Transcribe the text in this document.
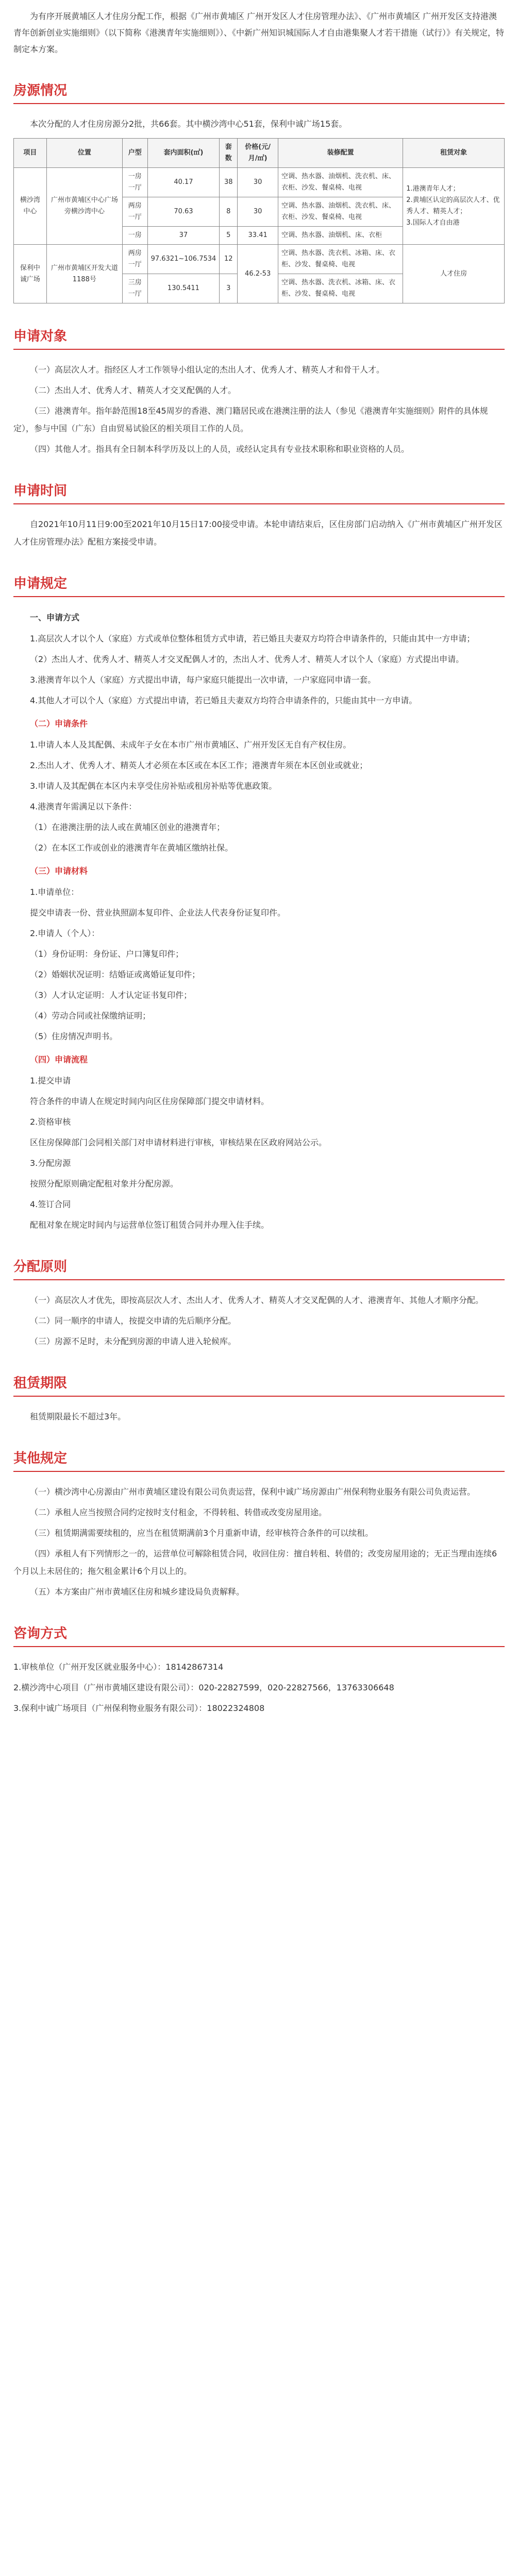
为有序开展黄埔区人才住房分配工作，根据《广州市黄埔区 广州开发区人才住房管理办法》、《广州市黄埔区 广州开发区支持港澳青年创新创业实施细则》（以下简称《港澳青年实施细则》）、《中新广州知识城国际人才自由港集聚人才若干措施（试行）》有关规定，特制定本方案。

房源情况

本次分配的人才住房房源分2批，共66套。其中横沙湾中心51套，保利中诚广场15套。

项目	位置	户型	套内面积(㎡)	套数	价格(元/月/㎡)	装修配置	租赁对象
横沙湾中心	广州市黄埔区中心广场旁横沙湾中心	一房一厅	40.17	38	30	空调、热水器、油烟机、洗衣机、床、衣柜、沙发、餐桌椅、电视	1.港澳青年人才；
2.黄埔区认定的高层次人才、优秀人才、精英人才；
3.国际人才自由港
		两房一厅	70.63	8	30	空调、热水器、油烟机、洗衣机、床、衣柜、沙发、餐桌椅、电视	
		一房	37	5	33.41	空调、热水器、油烟机、床、衣柜	
保利中诚广场	广州市黄埔区开发大道1188号	两房一厅	97.6321~106.7534	12	46.2-53	空调、热水器、洗衣机、冰箱、床、衣柜、沙发、餐桌椅、电视	人才住房
		三房一厅	130.5411	3		空调、热水器、洗衣机、冰箱、床、衣柜、沙发、餐桌椅、电视	
申请对象

（一）高层次人才。指经区人才工作领导小组认定的杰出人才、优秀人才、精英人才和骨干人才。

（二）杰出人才、优秀人才、精英人才交叉配偶的人才。

（三）港澳青年。指年龄范围18至45周岁的香港、澳门籍居民或在港澳注册的法人（参见《港澳青年实施细则》附件的具体规定），参与中国（广东）自由贸易试验区的相关项目工作的人员。

（四）其他人才。指具有全日制本科学历及以上的人员，或经认定具有专业技术职称和职业资格的人员。

申请时间

自2021年10月11日9:00至2021年10月15日17:00接受申请。本轮申请结束后，区住房部门启动纳入《广州市黄埔区广州开发区人才住房管理办法》配租方案接受申请。

申请规定

一、申请方式

1.高层次人才以个人（家庭）方式或单位整体租赁方式申请，若已婚且夫妻双方均符合申请条件的，只能由其中一方申请；

（2）杰出人才、优秀人才、精英人才交叉配偶人才的，杰出人才、优秀人才、精英人才以个人（家庭）方式提出申请。

3.港澳青年以个人（家庭）方式提出申请，每户家庭只能提出一次申请，一户家庭同申请一套。

4.其他人才可以个人（家庭）方式提出申请，若已婚且夫妻双方均符合申请条件的，只能由其中一方申请。

（二）申请条件

1.申请人本人及其配偶、未成年子女在本市广州市黄埔区、广州开发区无自有产权住房。

2.杰出人才、优秀人才、精英人才必须在本区或在本区工作；港澳青年须在本区创业或就业；

3.申请人及其配偶在本区内未享受住房补贴或租房补贴等优惠政策。

4.港澳青年需满足以下条件：

（1）在港澳注册的法人或在黄埔区创业的港澳青年；

（2）在本区工作或创业的港澳青年在黄埔区缴纳社保。

（三）申请材料

1.申请单位：

提交申请表一份、营业执照副本复印件、企业法人代表身份证复印件。

2.申请人（个人）：

（1）身份证明：身份证、户口簿复印件；

（2）婚姻状况证明：结婚证或离婚证复印件；

（3）人才认定证明：人才认定证书复印件；

（4）劳动合同或社保缴纳证明；

（5）住房情况声明书。

（四）申请流程

1.提交申请

符合条件的申请人在规定时间内向区住房保障部门提交申请材料。

2.资格审核

区住房保障部门会同相关部门对申请材料进行审核，审核结果在区政府网站公示。

3.分配房源

按照分配原则确定配租对象并分配房源。

4.签订合同

配租对象在规定时间内与运营单位签订租赁合同并办理入住手续。

分配原则

（一）高层次人才优先，即按高层次人才、杰出人才、优秀人才、精英人才交叉配偶的人才、港澳青年、其他人才顺序分配。

（二）同一顺序的申请人，按提交申请的先后顺序分配。

（三）房源不足时，未分配到房源的申请人进入轮候库。

租赁期限

租赁期限最长不超过3年。

其他规定

（一）横沙湾中心房源由广州市黄埔区建设有限公司负责运营，保利中诚广场房源由广州保利物业服务有限公司负责运营。

（二）承租人应当按照合同约定按时支付租金，不得转租、转借或改变房屋用途。

（三）租赁期满需要续租的，应当在租赁期满前3个月重新申请，经审核符合条件的可以续租。

（四）承租人有下列情形之一的，运营单位可解除租赁合同，收回住房：擅自转租、转借的；改变房屋用途的；无正当理由连续6个月以上未居住的；拖欠租金累计6个月以上的。

（五）本方案由广州市黄埔区住房和城乡建设局负责解释。

咨询方式

1.审核单位（广州开发区就业服务中心）：18142867314

2.横沙湾中心项目（广州市黄埔区建设有限公司）：020-22827599，020-22827566，13763306648

3.保利中诚广场项目（广州保利物业服务有限公司）：18022324808
